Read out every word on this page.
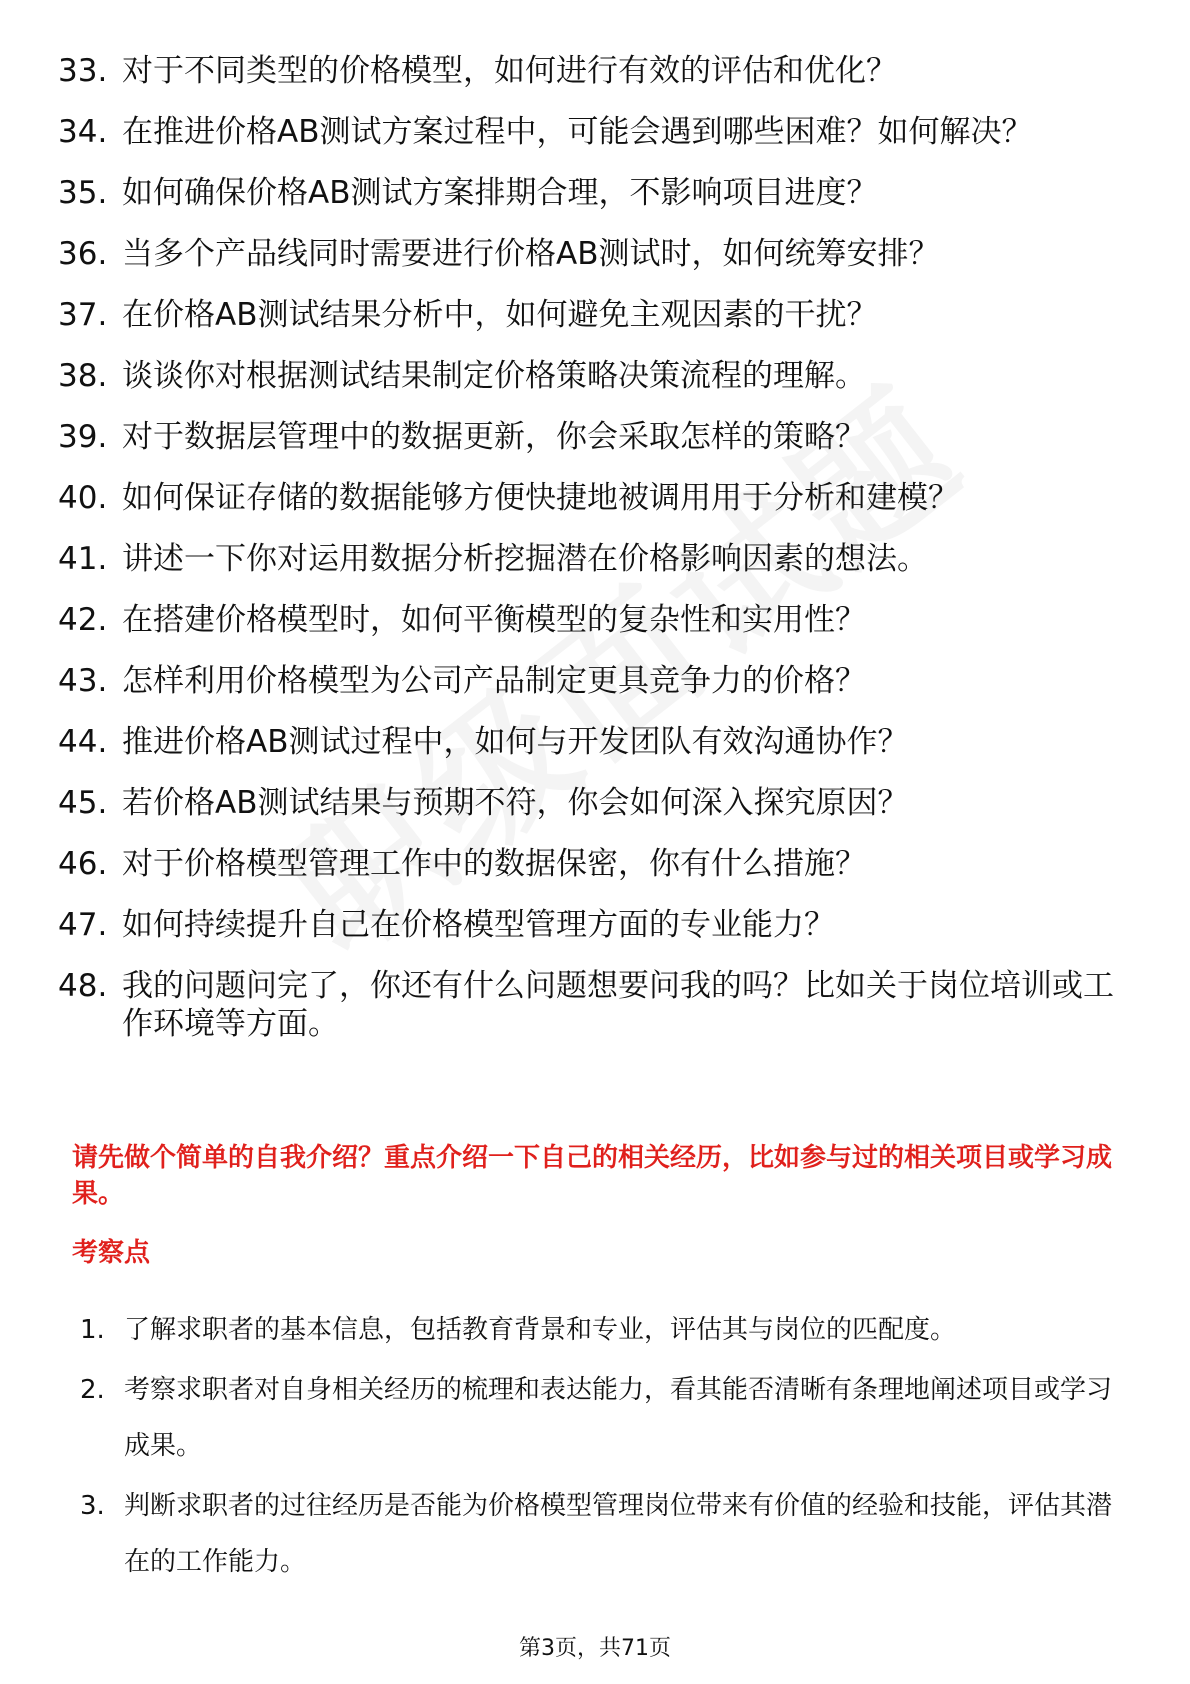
33. 对于不同类型的价格模型，如何进行有效的评估和优化？
34. 在推进价格AB测试方案过程中，可能会遇到哪些困难？如何解决？
35. 如何确保价格AB测试方案排期合理，不影响项目进度？
36. 当多个产品线同时需要进行价格AB测试时，如何统筹安排？
37. 在价格AB测试结果分析中，如何避免主观因素的干扰？
38. 谈谈你对根据测试结果制定价格策略决策流程的理解。
39. 对于数据层管理中的数据更新，你会采取怎样的策略？
40. 如何保证存储的数据能够方便快捷地被调用用于分析和建模？
41. 讲述一下你对运用数据分析挖掘潜在价格影响因素的想法。
42. 在搭建价格模型时，如何平衡模型的复杂性和实用性？
43. 怎样利用价格模型为公司产品制定更具竞争力的价格？
44. 推进价格AB测试过程中，如何与开发团队有效沟通协作？
45. 若价格AB测试结果与预期不符，你会如何深入探究原因？
46. 对于价格模型管理工作中的数据保密，你有什么措施？
47. 如何持续提升自己在价格模型管理方面的专业能力？
48. 我的问题问完了，你还有什么问题想要问我的吗？比如关于岗位培训或工作环境等方面。
请先做个简单的自我介绍？重点介绍一下自己的相关经历，比如参与过的相关项目或学习成果。
考察点
1. 了解求职者的基本信息，包括教育背景和专业，评估其与岗位的匹配度。
2. 考察求职者对自身相关经历的梳理和表达能力，看其能否清晰有条理地阐述项目或学习成果。
3. 判断求职者的过往经历是否能为价格模型管理岗位带来有价值的经验和技能，评估其潜在的工作能力。
第3页，共71页
